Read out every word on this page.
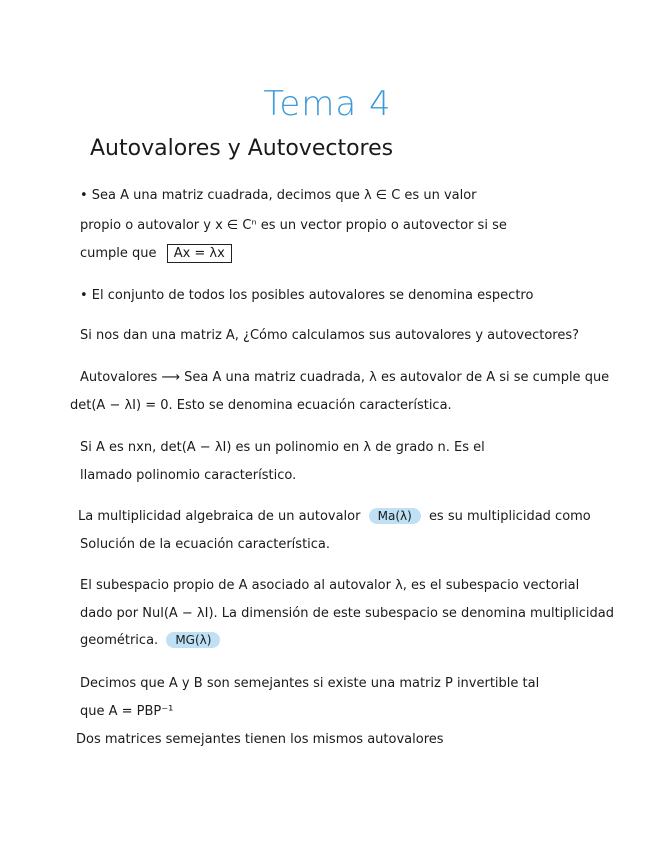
Tema 4
Autovalores y Autovectores
• Sea A una matriz cuadrada, decimos que λ ∈ C es un valor
propio o autovalor y x ∈ Cⁿ es un vector propio o autovector si se
cumple que Ax = λx
• El conjunto de todos los posibles autovalores se denomina espectro
Si nos dan una matriz A, ¿Cómo calculamos sus autovalores y autovectores?
Autovalores ⟶ Sea A una matriz cuadrada, λ es autovalor de A si se cumple que
det(A − λI) = 0. Esto se denomina ecuación característica.
Si A es nxn, det(A − λI) es un polinomio en λ de grado n. Es el
llamado polinomio característico.
La multiplicidad algebraica de un autovalor Ma(λ) es su multiplicidad como
Solución de la ecuación característica.
El subespacio propio de A asociado al autovalor λ, es el subespacio vectorial
dado por Nul(A − λI). La dimensión de este subespacio se denomina multiplicidad
geométrica. MG(λ)
Decimos que A y B son semejantes si existe una matriz P invertible tal
que A = PBP⁻¹
Dos matrices semejantes tienen los mismos autovalores
